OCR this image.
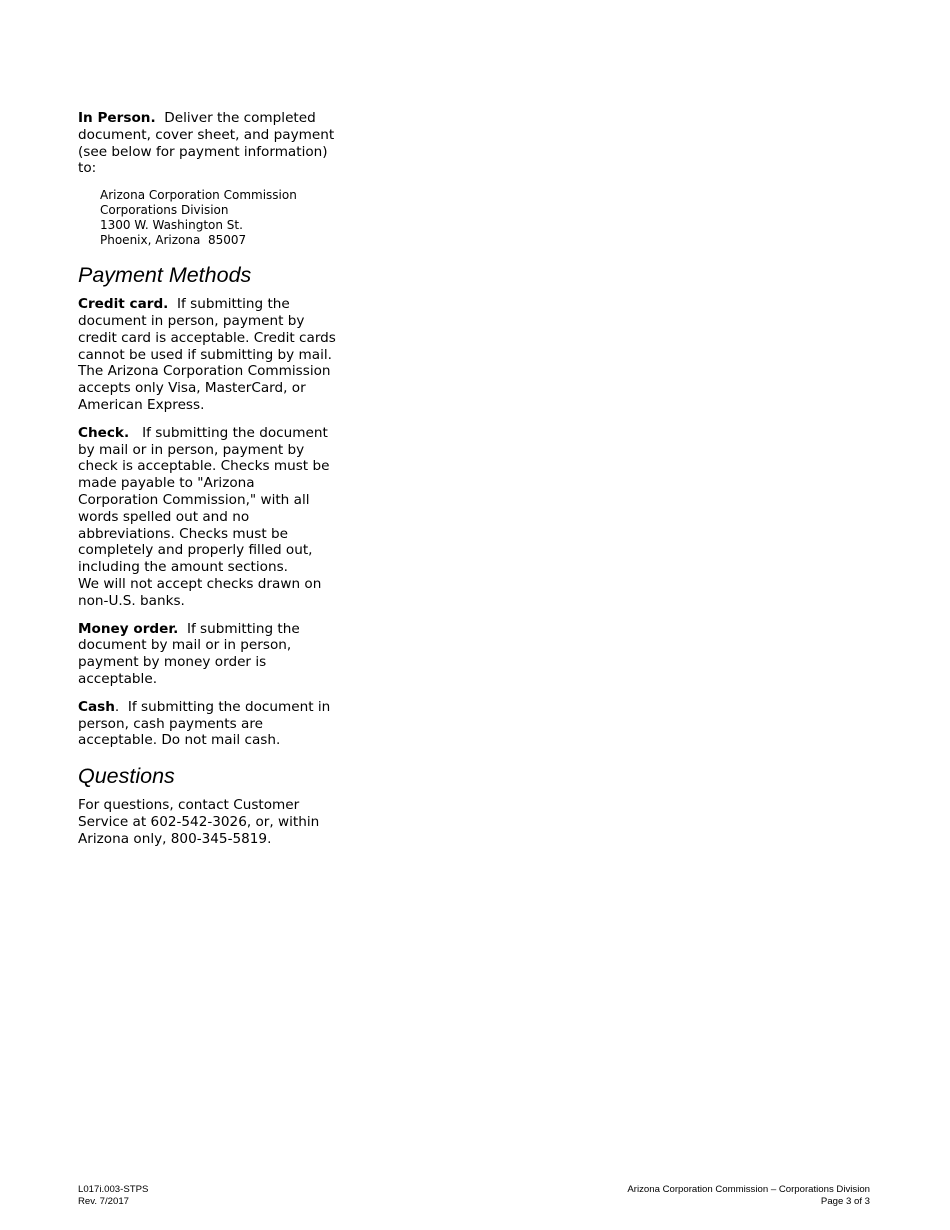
In Person. Deliver the completed document, cover sheet, and payment (see below for payment information) to:

Arizona Corporation Commission
Corporations Division
1300 W. Washington St.
Phoenix, Arizona  85007
Payment Methods

Credit card. If submitting the document in person, payment by credit card is acceptable. Credit cards cannot be used if submitting by mail. The Arizona Corporation Commission accepts only Visa, MasterCard, or American Express.

Check. If submitting the document by mail or in person, payment by check is acceptable. Checks must be made payable to "Arizona Corporation Commission," with all words spelled out and no abbreviations. Checks must be completely and properly filled out, including the amount sections.
We will not accept checks drawn on non-U.S. banks.

Money order. If submitting the document by mail or in person, payment by money order is acceptable.

Cash.  If submitting the document in person, cash payments are acceptable. Do not mail cash.

Questions

For questions, contact Customer Service at 602-542-3026, or, within Arizona only, 800-345-5819.

L017i.003-STPS
Rev. 7/2017
Arizona Corporation Commission – Corporations Division
Page 3 of 3
